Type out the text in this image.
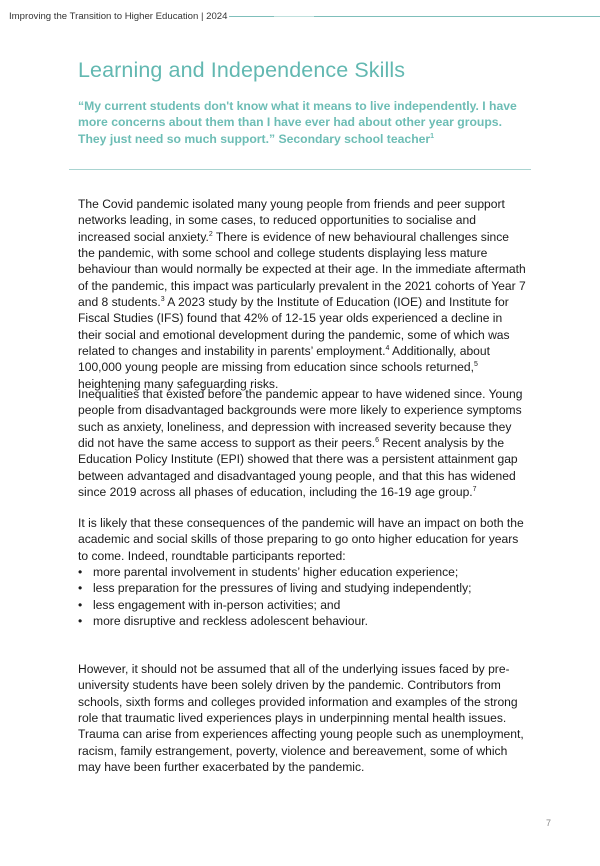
Improving the Transition to Higher Education | 2024
Learning and Independence Skills

“My current students don't know what it means to live independently. I have more concerns about them than I have ever had about other year groups. They just need so much support.” Secondary school teacher$^1$

The Covid pandemic isolated many young people from friends and peer support networks leading, in some cases, to reduced opportunities to socialise and increased social anxiety.$^2$ There is evidence of new behavioural challenges since the pandemic, with some school and college students displaying less mature behaviour than would normally be expected at their age. In the immediate aftermath of the pandemic, this impact was particularly prevalent in the 2021 cohorts of Year 7 and 8 students.$^3$ A 2023 study by the Institute of Education (IOE) and Institute for Fiscal Studies (IFS) found that 42% of 12-15 year olds experienced a decline in their social and emotional development during the pandemic, some of which was related to changes and instability in parents’ employment.$^4$ Additionally, about 100,000 young people are missing from education since schools returned,$^5$ heightening many safeguarding risks.

Inequalities that existed before the pandemic appear to have widened since. Young people from disadvantaged backgrounds were more likely to experience symptoms such as anxiety, loneliness, and depression with increased severity because they did not have the same access to support as their peers.$^6$ Recent analysis by the Education Policy Institute (EPI) showed that there was a persistent attainment gap between advantaged and disadvantaged young people, and that this has widened since 2019 across all phases of education, including the 16-19 age group.$^7$

It is likely that these consequences of the pandemic will have an impact on both the academic and social skills of those preparing to go onto higher education for years to come. Indeed, roundtable participants reported:

• more parental involvement in students’ higher education experience;
• less preparation for the pressures of living and studying independently;
• less engagement with in-person activities; and
• more disruptive and reckless adolescent behaviour.

However, it should not be assumed that all of the underlying issues faced by pre-university students have been solely driven by the pandemic. Contributors from schools, sixth forms and colleges provided information and examples of the strong role that traumatic lived experiences plays in underpinning mental health issues. Trauma can arise from experiences affecting young people such as unemployment, racism, family estrangement, poverty, violence and bereavement, some of which may have been further exacerbated by the pandemic.

7
